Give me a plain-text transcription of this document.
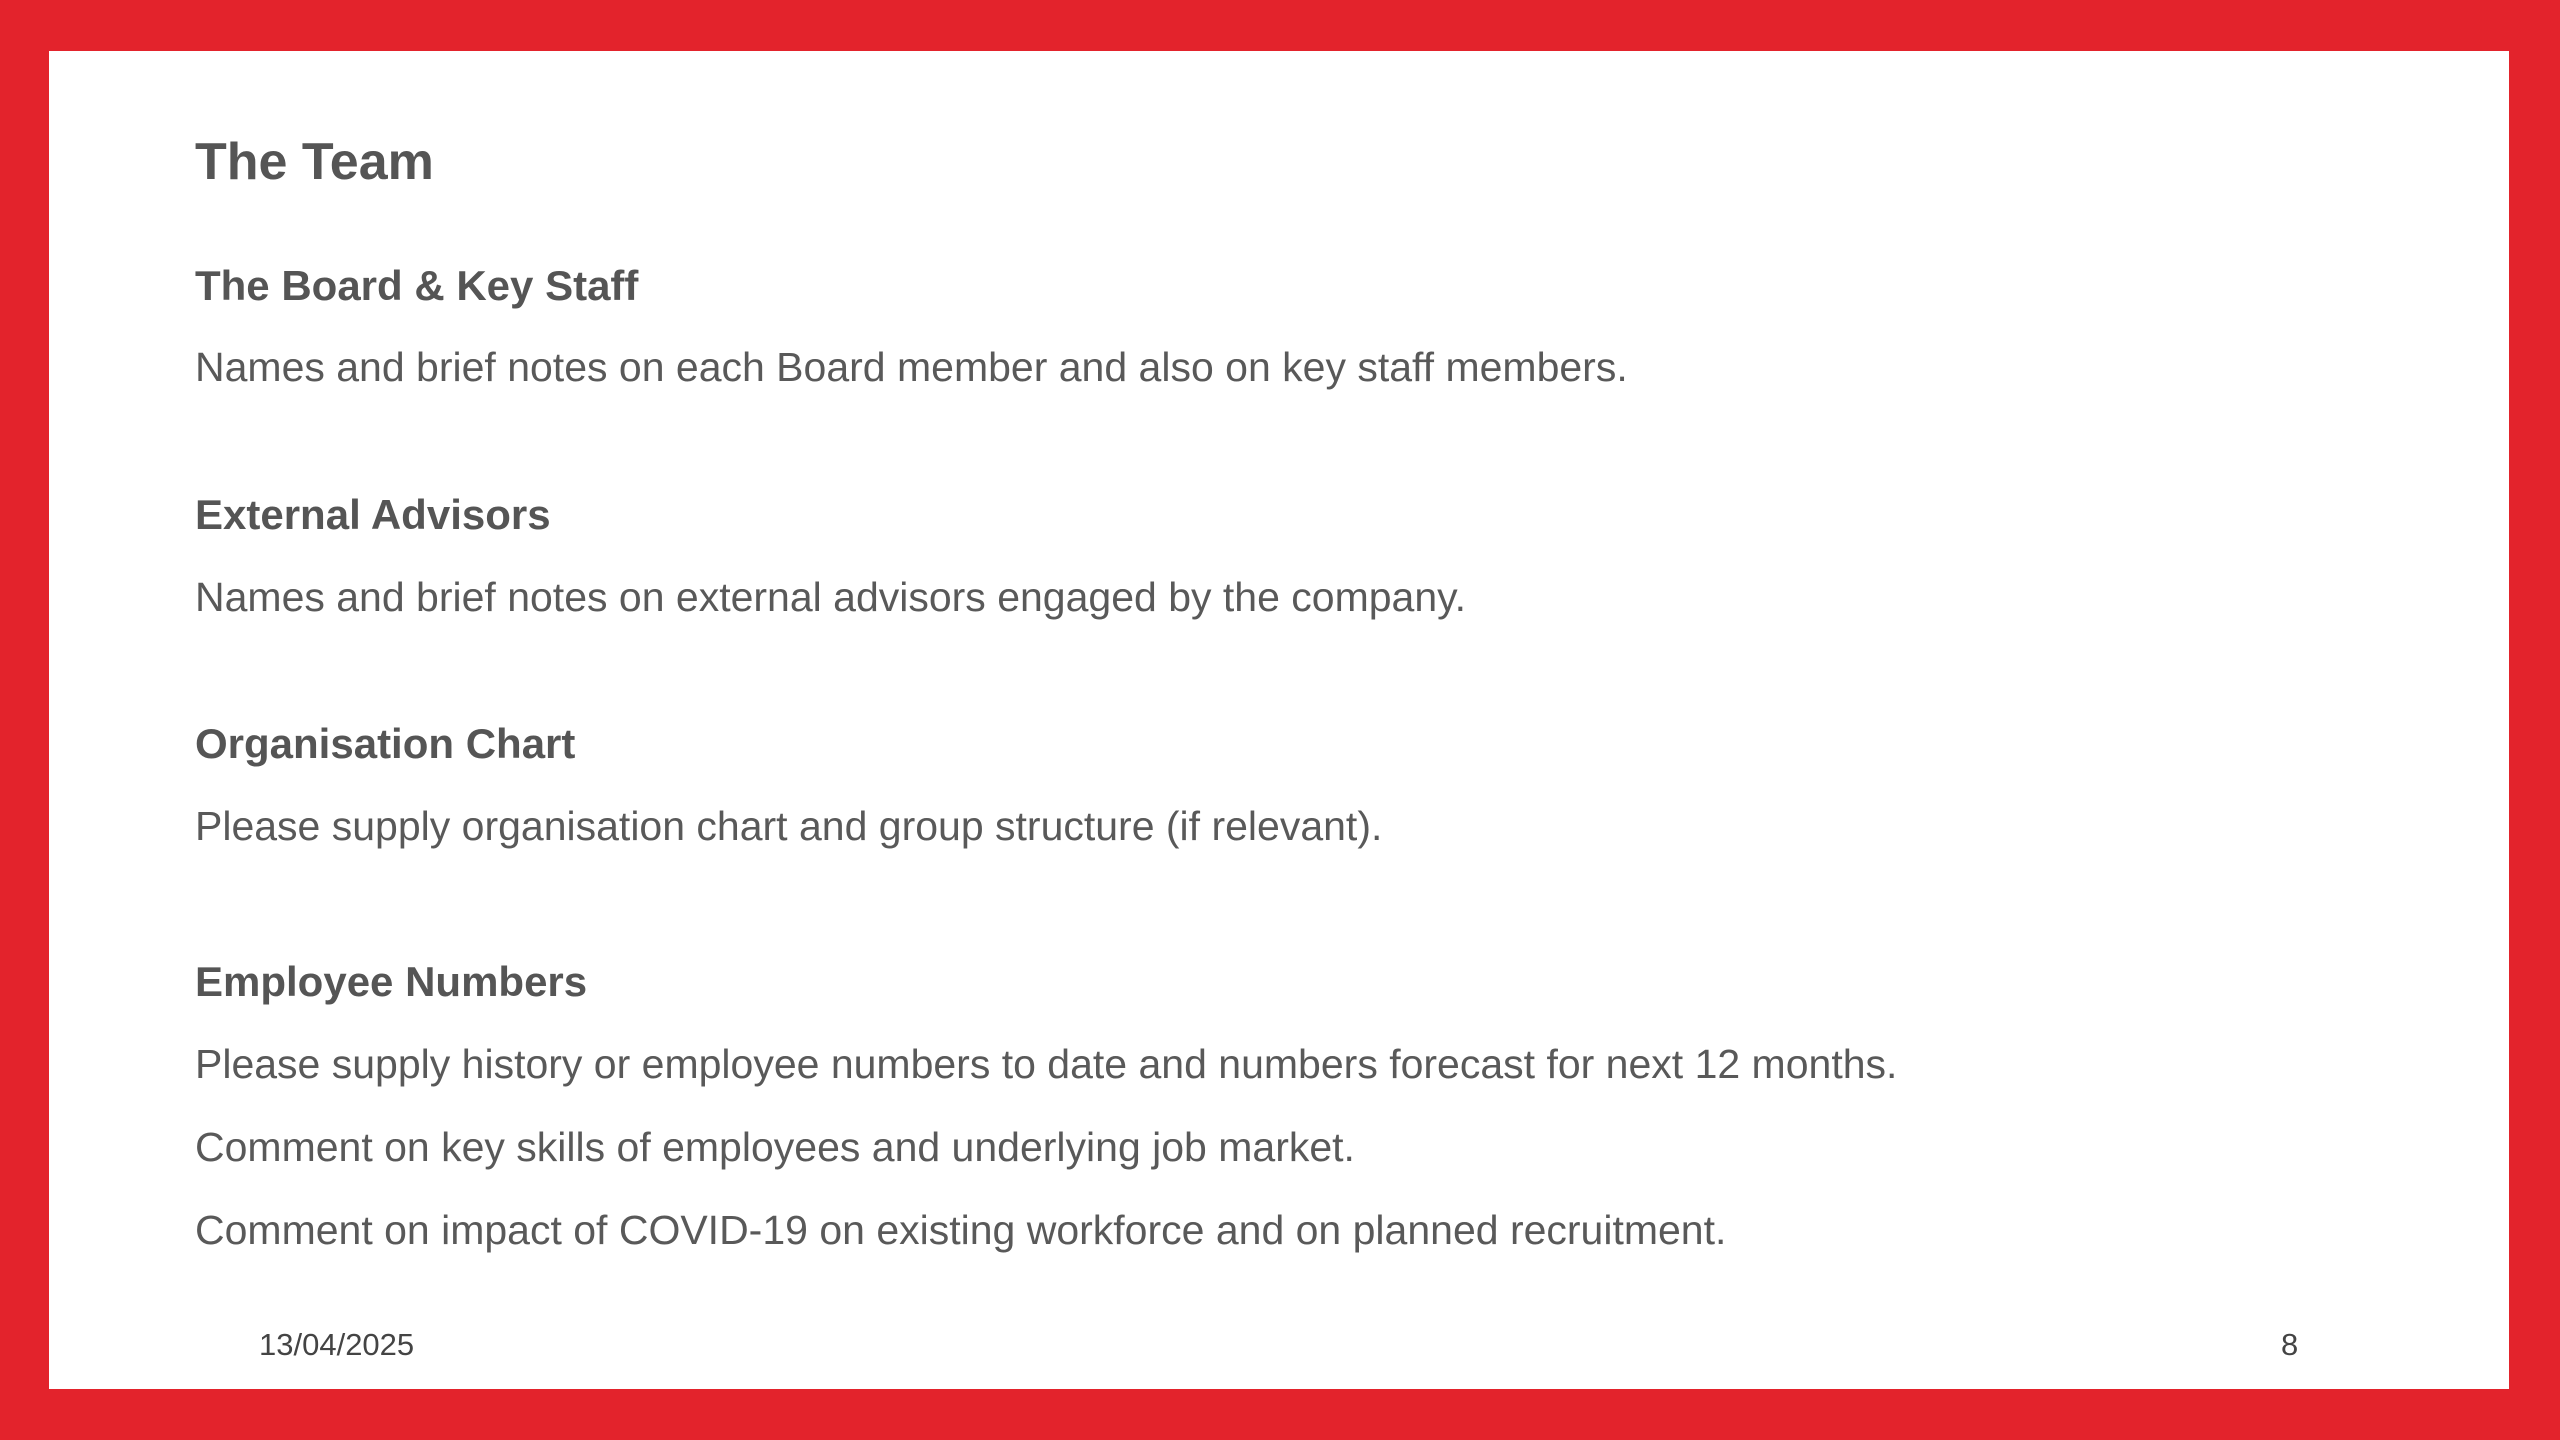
The Team
The Board & Key Staff

Names and brief notes on each Board member and also on key staff members.

External Advisors

Names and brief notes on external advisors engaged by the company.

Organisation Chart

Please supply organisation chart and group structure (if relevant).

Employee Numbers

Please supply history or employee numbers to date and numbers forecast for next 12 months.

Comment on key skills of employees and underlying job market.

Comment on impact of COVID-19 on existing workforce and on planned recruitment.

13/04/2025	8
